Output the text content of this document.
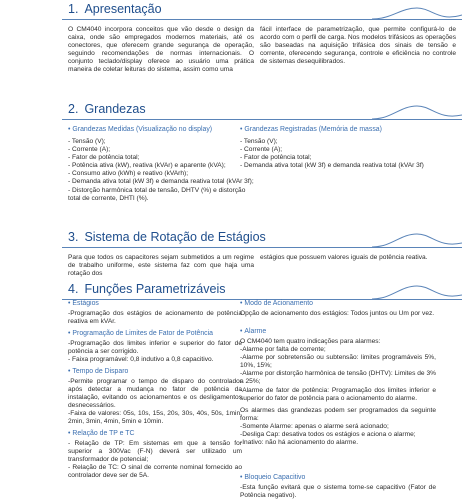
1. Apresentação

O CM4040 incorpora conceitos que vão desde o design da caixa, onde são empregados modernos materiais, até os conectores, que oferecem grande segurança de operação, seguindo recomendações de normas internacionais. O conjunto teclado/display oferece ao usuário uma prática maneira de coletar leituras do sistema, assim como uma

fácil interface de parametrização, que permite configurá-lo de acordo com o perfil de carga. Nos modelos trifásicos as operações são baseadas na aquisição trifásica dos sinais de tensão e corrente, oferecendo segurança, controle e eficiência no controle de sistemas desequilibrados.

2. Grandezas
• Grandezas Medidas (Visualização no display)
- Tensão (V);
- Corrente (A);
- Fator de potência total;
- Potência ativa (kW), reativa (kVAr) e aparente (kVA);
- Consumo ativo (kWh) e reativo (kVArh);
- Demanda ativa total (kW 3f) e demanda reativa total (kVAr 3f);
- Distorção harmônica total de tensão, DHTV (%) e distorção total de corrente, DHTI (%).
• Grandezas Registradas (Memória de massa)
- Tensão (V);
- Corrente (A);
- Fator de potência total;
- Demanda ativa total (kW 3f) e demanda reativa total (kVAr 3f)
3. Sistema de Rotação de Estágios

Para que todos os capacitores sejam submetidos a um regime de trabalho uniforme, este sistema faz com que haja uma rotação dos

estágios que possuem valores iguais de potência reativa.

4. Funções Parametrizáveis
• Estágios
-Programação dos estágios de acionamento de potência reativa em kVAr.
• Programação de Limites de Fator de Potência
-Programação dos limites inferior e superior do fator de potência a ser corrigido.
- Faixa programável: 0,8 indutivo a 0,8 capacitivo.
• Tempo de Disparo
-Permite programar o tempo de disparo do controlador após detectar a mudança no fator de potência da instalação, evitando os acionamentos e os desligamentos desnecessários.
-Faixa de valores: 05s, 10s, 15s, 20s, 30s, 40s, 50s, 1min, 2min, 3min, 4min, 5min e 10min.
• Relação de TP e TC
- Relação de TP: Em sistemas em que a tensão for superior a 300Vac (F-N) deverá ser utilizado um transformador de potencial;
- Relação de TC: O sinal de corrente nominal fornecido ao controlador deve ser de 5A.
• Modo de Acionamento
Opção de acionamento dos estágios: Todos juntos ou Um por vez.
• Alarme
O CM4040 tem quatro indicações para alarmes:
-Alarme por falta de corrente;
-Alarme por sobretensão ou subtensão: limites programáveis 5%, 10%, 15%;
-Alarme por distorção harmônica de tensão (DHTV): Limites de 3% a 25%;
-Alarme de fator de potência: Programação dos limites inferior e superior do fator de potência para o acionamento do alarme.

Os alarmes das grandezas podem ser programados da seguinte forma:
-Somente Alarme: apenas o alarme será acionado;
-Desliga Cap: desativa todos os estágios e aciona o alarme;
-Inativo: não há acionamento do alarme.
• Bloqueio Capacitivo
-Esta função evitará que o sistema torne-se capacitivo (Fator de Potência negativo).
